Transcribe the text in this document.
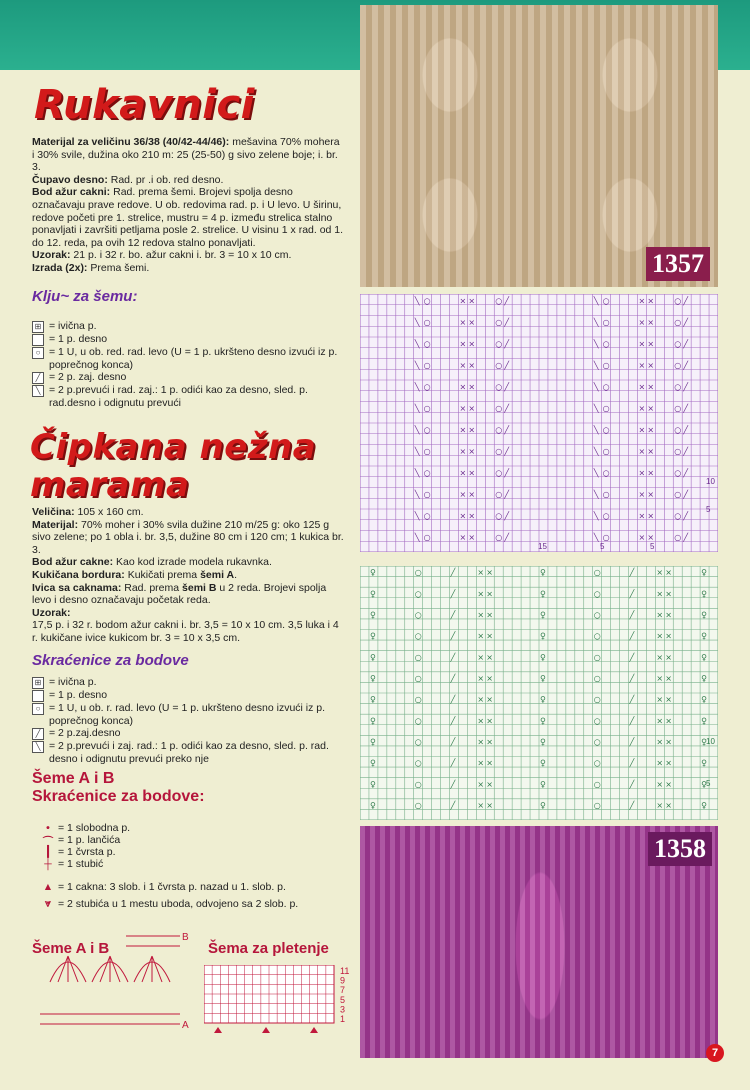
Rukavnici
Materijal za veličinu 36/38 (40/42-44/46): mešavina 70% mohera i 30% svile, dužina oko 210 m: 25 (25-50) g sivo zelene boje; i. br. 3.
Čupavo desno: Rad. pr .i ob. red desno.
Bod ažur cakni: Rad. prema šemi. Brojevi spolja desno označavaju prave redove. U ob. redovima rad. p. i U levo. U širinu, redove početi pre 1. strelice, mustru = 4 p. između strelica stalno ponavljati i završiti petljama posle 2. strelice. U visinu 1 x rad. od 1. do 12. reda, pa ovih 12 redova stalno ponavljati.
Uzorak: 21 p. i 32 r. bo. ažur cakni i. br. 3 = 10 x 10 cm.
Izrada (2x): Prema šemi.
Klju~ za šemu:
⊞ = ivična p.
= 1 p. desno
○ = 1 U, u ob. red. rad. levo (U = 1 p. ukršteno desno izvući iz p. poprečnog konca)
╱ = 2 p. zaj. desno
╲ = 2 p.prevući i rad. zaj.: 1 p. odići kao za desno, sled. p. rad.desno i odignutu prevući
Čipkana nežna
marama
Veličina: 105 x 160 cm.
Materijal: 70% moher i 30% svila dužine 210 m/25 g: oko 125 g sivo zelene; po 1 obla i. br. 3,5, dužine 80 cm i 120 cm; 1 kukica br. 3.
Bod ažur cakne: Kao kod izrade modela rukavnka.
Kukičana bordura: Kukičati prema šemi A.
Ivica sa caknama: Rad. prema šemi B u 2 reda. Brojevi spolja levo i desno označavaju početak reda.
Uzorak:
17,5 p. i 32 r. bodom ažur cakni i. br. 3,5 = 10 x 10 cm. 3,5 luka i 4 r. kukičane ivice kukicom br. 3 = 10 x 3,5 cm.
Skraćenice za bodove
⊞ = ivična p.
= 1 p. desno
○ = 1 U, u ob. r. rad. levo (U = 1 p. ukršteno desno izvući iz p. poprečnog konca)
╱ = 2 p.zaj.desno
╲ = 2 p.prevući i zaj. rad.: 1 p. odići kao za desno, sled. p. rad. desno i odignutu prevući preko nje
Šeme A i B
Skraćenice za bodove:
• = 1 slobodna p.
⌒ = 1 p. lančića
┃ = 1 čvrsta p.
┼ = 1 stubić
▲ = 1 cakna: 3 slob. i 1 čvrsta p. nazad u 1. slob. p.
⩔ = 2 stubića u 1 mestu uboda, odvojeno sa 2 slob. p.
Šeme A i B	Šema za pletenje
B
A
11
9
7
5
3
1
1357
╲ ○	× ×	○ ╱	╲ ○	× ×	○ ╱
╲ ○	× ×	○ ╱	╲ ○	× ×	○ ╱
╲ ○	× ×	○ ╱	╲ ○	× ×	○ ╱
╲ ○	× ×	○ ╱	╲ ○	× ×	○ ╱
╲ ○	× ×	○ ╱	╲ ○	× ×	○ ╱
╲ ○	× ×	○ ╱	╲ ○	× ×	○ ╱
╲ ○	× ×	○ ╱	╲ ○	× ×	○ ╱
╲ ○	× ×	○ ╱	╲ ○	× ×	○ ╱
╲ ○	× ×	○ ╱	╲ ○	× ×	○ ╱
╲ ○	× ×	○ ╱	╲ ○	× ×	○ ╱
╲ ○	× ×	○ ╱	╲ ○	× ×	○ ╱
╲ ○	× ×	○ ╱	╲ ○	× ×	○ ╱
15	5	5
10
5
♀	○	╱	× ×	♀	○	╱	× ×	♀
♀	○	╱	× ×	♀	○	╱	× ×	♀
♀	○	╱	× ×	♀	○	╱	× ×	♀
♀	○	╱	× ×	♀	○	╱	× ×	♀
♀	○	╱	× ×	♀	○	╱	× ×	♀
♀	○	╱	× ×	♀	○	╱	× ×	♀
♀	○	╱	× ×	♀	○	╱	× ×	♀
♀	○	╱	× ×	♀	○	╱	× ×	♀
♀	○	╱	× ×	♀	○	╱	× ×	♀
♀	○	╱	× ×	♀	○	╱	× ×	♀
♀	○	╱	× ×	♀	○	╱	× ×	♀
♀	○	╱	× ×	♀	○	╱	× ×	♀
10
5
1358
7
